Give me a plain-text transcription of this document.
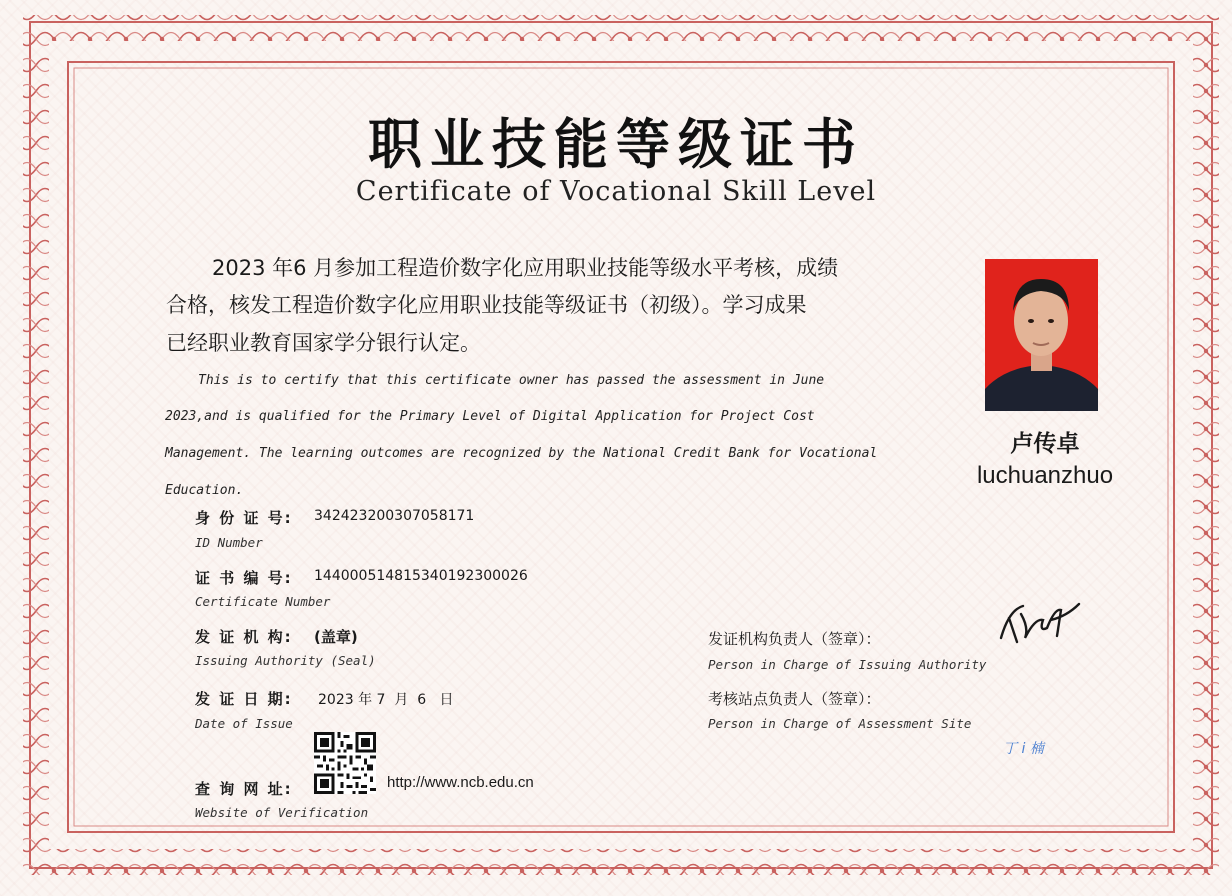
职业技能等级证书
Certificate of Vocational Skill Level
2023 年6 月参加工程造价数字化应用职业技能等级水平考核，成绩
合格，核发工程造价数字化应用职业技能等级证书（初级）。学习成果
已经职业教育国家学分银行认定。
This is to certify that this certificate owner has passed the assessment in June
2023,and is qualified for the Primary Level of Digital Application for Project Cost
Management. The learning outcomes are recognized by the National Credit Bank for Vocational
Education.
身 份 证 号: 342423200307058171
ID Number
证 书 编 号: 14400051481534019230002​6
Certificate Number
发 证 机 构: (盖章)
Issuing Authority (Seal)
发 证 日 期: 2023 年 7  月  6   日
Date of Issue
查 询 网 址:	http://www.ncb.edu.cn
Website of Verification
发证机构负责人（签章）：
Person in Charge of Issuing Authority
考核站点负责人（签章）：
Person in Charge of Assessment Site
丁 i 楠
卢传卓
luchuanzhuo
